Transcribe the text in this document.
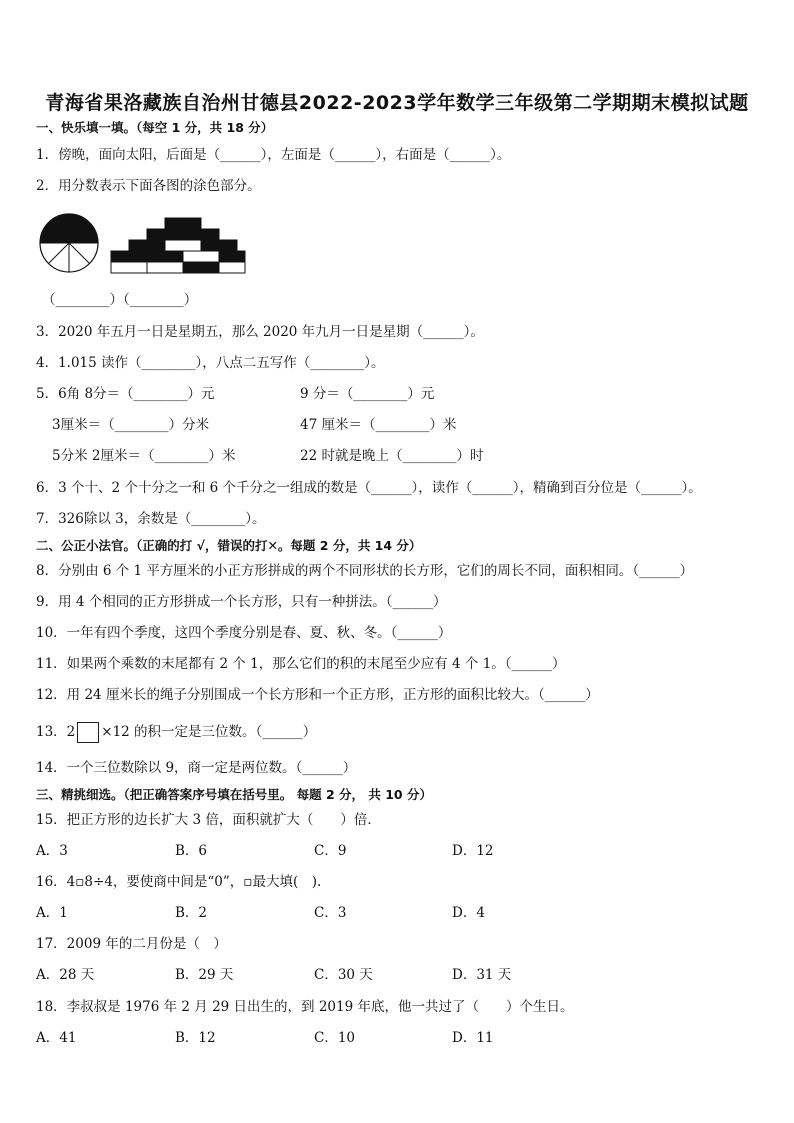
青海省果洛藏族自治州甘德县2022-2023学年数学三年级第二学期期末模拟试题
一、快乐填一填。（每空 1 分，共 18 分）
1．傍晚，面向太阳，后面是（______），左面是（______），右面是（______）。
2．用分数表示下面各图的涂色部分。
（________）（________）
3．2020 年五月一日是星期五，那么 2020 年九月一日是星期（______）。
4．1.015 读作（________），八点二五写作（________）。
5．6角 8分＝（________）元	9 分＝（________）元
3厘米＝（________）分米	47 厘米＝（________）米
5分米 2厘米＝（________）米	22 时就是晚上（________）时
6．3 个十、2 个十分之一和 6 个千分之一组成的数是（______），读作（______），精确到百分位是（______）。
7．326除以 3，余数是（________）。
二、公正小法官。（正确的打 √，错误的打✕。每题 2 分，共 14 分）
8．分别由 6 个 1 平方厘米的小正方形拼成的两个不同形状的长方形，它们的周长不同，面积相同。（______）
9．用 4 个相同的正方形拼成一个长方形，只有一种拼法。（______）
10．一年有四个季度，这四个季度分别是春、夏、秋、冬。（______）
11．如果两个乘数的末尾都有 2 个 1，那么它们的积的末尾至少应有 4 个 1。（______）
12．用 24 厘米长的绳子分别围成一个长方形和一个正方形，正方形的面积比较大。（______）
13．2 ×12 的积一定是三位数。（______）
14．一个三位数除以 9，商一定是两位数。（______）
三、精挑细选。（把正确答案序号填在括号里。 每题 2 分， 共 10 分）
15．把正方形的边长扩大 3 倍，面积就扩大（　　）倍．
A．3	B．6	C．9	D．12
16．4▫8÷4，要使商中间是“0”，▫最大填(　).
A．1	B．2	C．3	D．4
17．2009 年的二月份是（　）
A．28 天	B．29 天	C．30 天	D．31 天
18．李叔叔是 1976 年 2 月 29 日出生的，到 2019 年底，他一共过了（　　）个生日。
A．41	B．12	C．10	D．11
